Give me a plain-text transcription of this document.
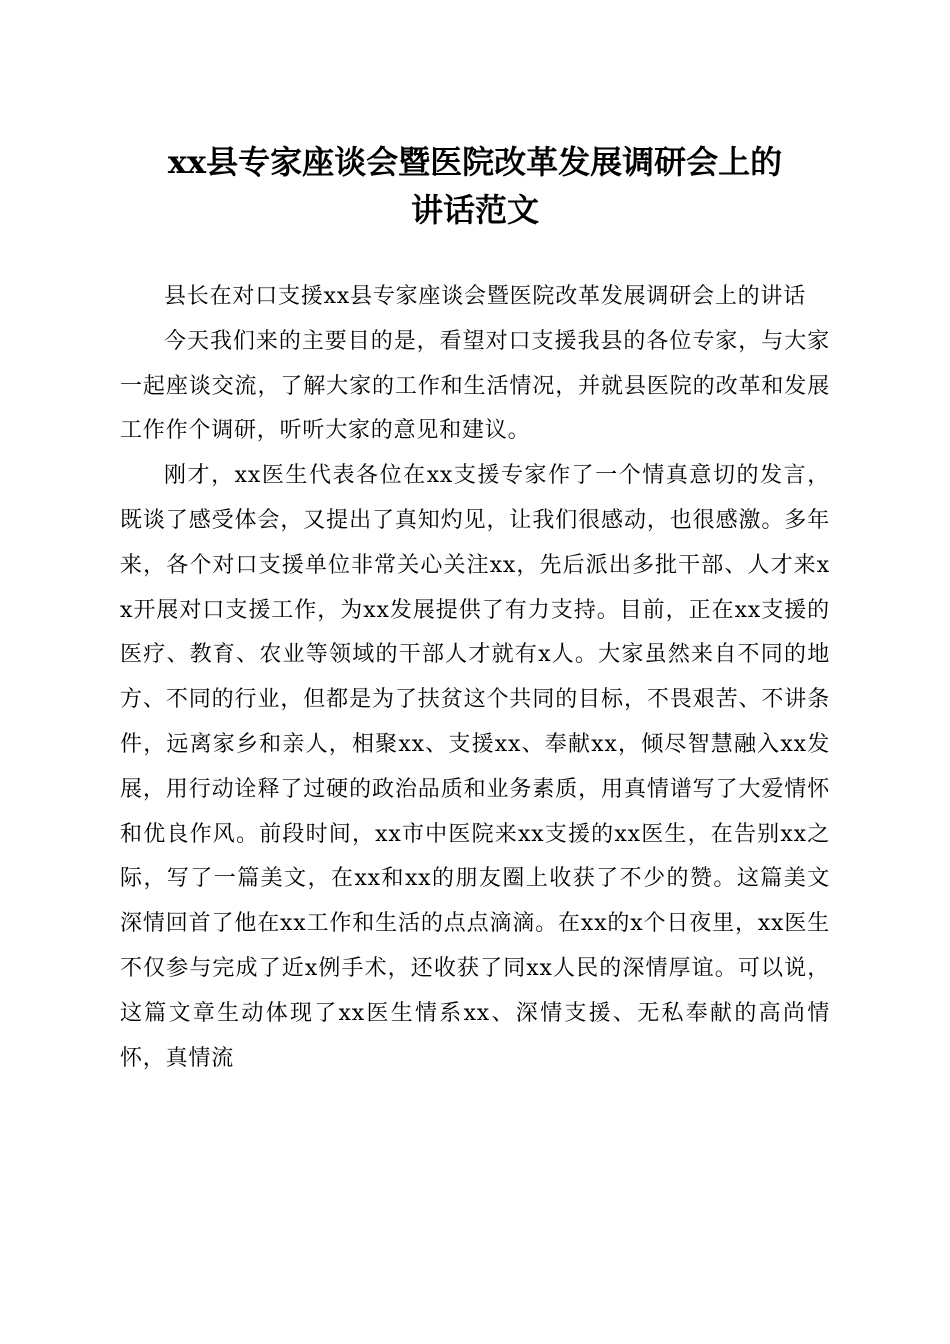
xx县专家座谈会暨医院改革发展调研会上的
讲话范文

县长在对口支援xx县专家座谈会暨医院改革发展调研会上的讲话

今天我们来的主要目的是，看望对口支援我县的各位专家，与大家一起座谈交流，了解大家的工作和生活情况，并就县医院的改革和发展工作作个调研，听听大家的意见和建议。

刚才，xx医生代表各位在xx支援专家作了一个情真意切的发言，既谈了感受体会，又提出了真知灼见，让我们很感动，也很感激。多年来，各个对口支援单位非常关心关注xx，先后派出多批干部、人才来xx开展对口支援工作，为xx发展提供了有力支持。目前，正在xx支援的医疗、教育、农业等领域的干部人才就有x人。大家虽然来自不同的地方、不同的行业，但都是为了扶贫这个共同的目标，不畏艰苦、不讲条件，远离家乡和亲人，相聚xx、支援xx、奉献xx，倾尽智慧融入xx发展，用行动诠释了过硬的政治品质和业务素质，用真情谱写了大爱情怀和优良作风。前段时间，xx市中医院来xx支援的xx医生，在告别xx之际，写了一篇美文，在xx和xx的朋友圈上收获了不少的赞。这篇美文深情回首了他在xx工作和生活的点点滴滴。在xx的x个日夜里，xx医生不仅参与完成了近x例手术，还收获了同xx人民的深情厚谊。可以说，这篇文章生动体现了xx医生情系xx、深情支援、无私奉献的高尚情怀，真情流
